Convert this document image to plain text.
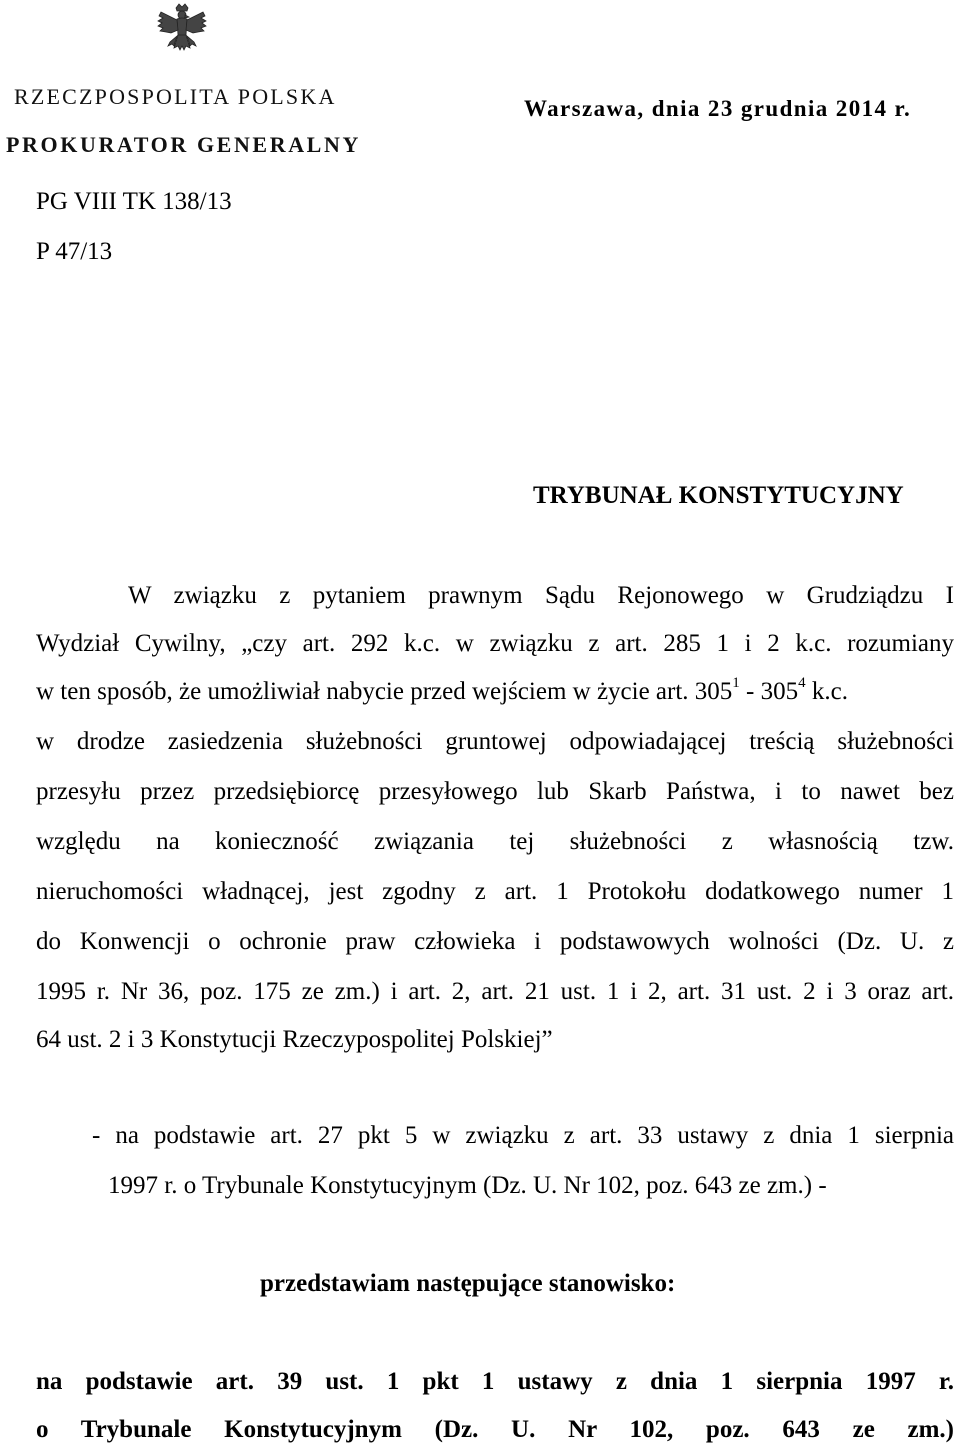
RZECZPOSPOLITA POLSKA
PROKURATOR GENERALNY
Warszawa, dnia 23 grudnia 2014 r.
PG VIII TK 138/13
P 47/13
TRYBUNAŁ KONSTYTUCYJNY
W związku z pytaniem prawnym Sądu Rejonowego w Grudziądzu I
Wydział Cywilny, „czy art. 292 k.c. w związku z art. 285 1 i 2 k.c. rozumiany
w ten sposób, że umożliwiał nabycie przed wejściem w życie art. $305^1 - 305^4$ k.c.
w drodze zasiedzenia służebności gruntowej odpowiadającej treścią służebności
przesyłu przez przedsiębiorcę przesyłowego lub Skarb Państwa, i to nawet bez
względu na konieczność związania tej służebności z własnością tzw.
nieruchomości władnącej, jest zgodny z art. 1 Protokołu dodatkowego numer 1
do Konwencji o ochronie praw człowieka i podstawowych wolności (Dz. U. z
1995 r. Nr 36, poz. 175 ze zm.) i art. 2, art. 21 ust. 1 i 2, art. 31 ust. 2 i 3 oraz art.
64 ust. 2 i 3 Konstytucji Rzeczypospolitej Polskiej”
- na podstawie art. 27 pkt 5 w związku z art. 33 ustawy z dnia 1 sierpnia
1997 r. o Trybunale Konstytucyjnym (Dz. U. Nr 102, poz. 643 ze zm.) -
przedstawiam następujące stanowisko:
na podstawie art. 39 ust. 1 pkt 1 ustawy z dnia 1 sierpnia 1997 r.
o Trybunale Konstytucyjnym (Dz. U. Nr 102, poz. 643 ze zm.)
